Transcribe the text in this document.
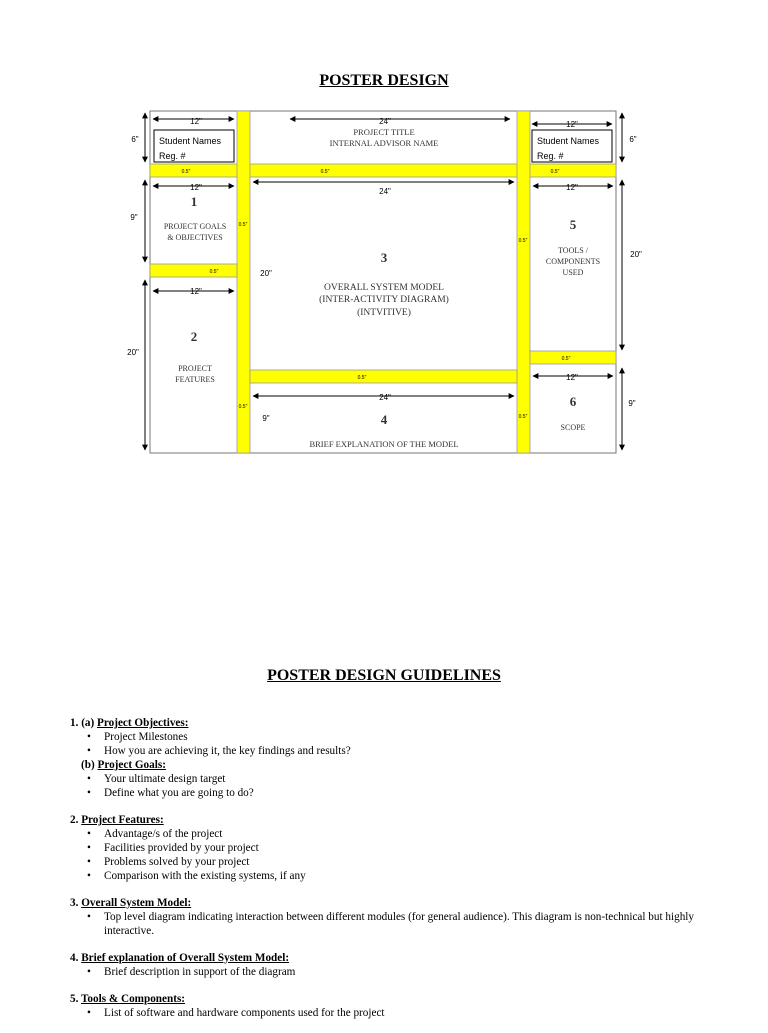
POSTER DESIGN
12"	24"	12"
6"	6"
12"	24"	12"
9"
20"
20"
12"
20"
12"
24"
9"
9"
0.5"	0.5"	0.5"
0.5"
0.5"
0.5"
0.5"
0.5"
0.5"
0.5"
Student Names
Reg. #
Student Names
Reg. #
PROJECT TITLE
INTERNAL ADVISOR NAME
1
PROJECT GOALS
& OBJECTIVES
2
PROJECT
FEATURES
3
OVERALL SYSTEM MODEL
(INTER-ACTIVITY DIAGRAM)
(INTVITIVE)
4
BRIEF EXPLANATION OF THE MODEL
5
TOOLS /
COMPONENTS
USED
6
SCOPE
POSTER DESIGN GUIDELINES
1. (a) Project Objectives:
• Project Milestones
• How you are achieving it, the key findings and results?
(b) Project Goals:
• Your ultimate design target
• Define what you are going to do?
2. Project Features:
• Advantage/s of the project
• Facilities provided by your project
• Problems solved by your project
• Comparison with the existing systems, if any
3. Overall System Model:
• Top level diagram indicating interaction between different modules (for general audience). This diagram is non-technical but highly interactive.
4. Brief explanation of Overall System Model:
• Brief description in support of the diagram
5. Tools & Components:
• List of software and hardware components used for the project
